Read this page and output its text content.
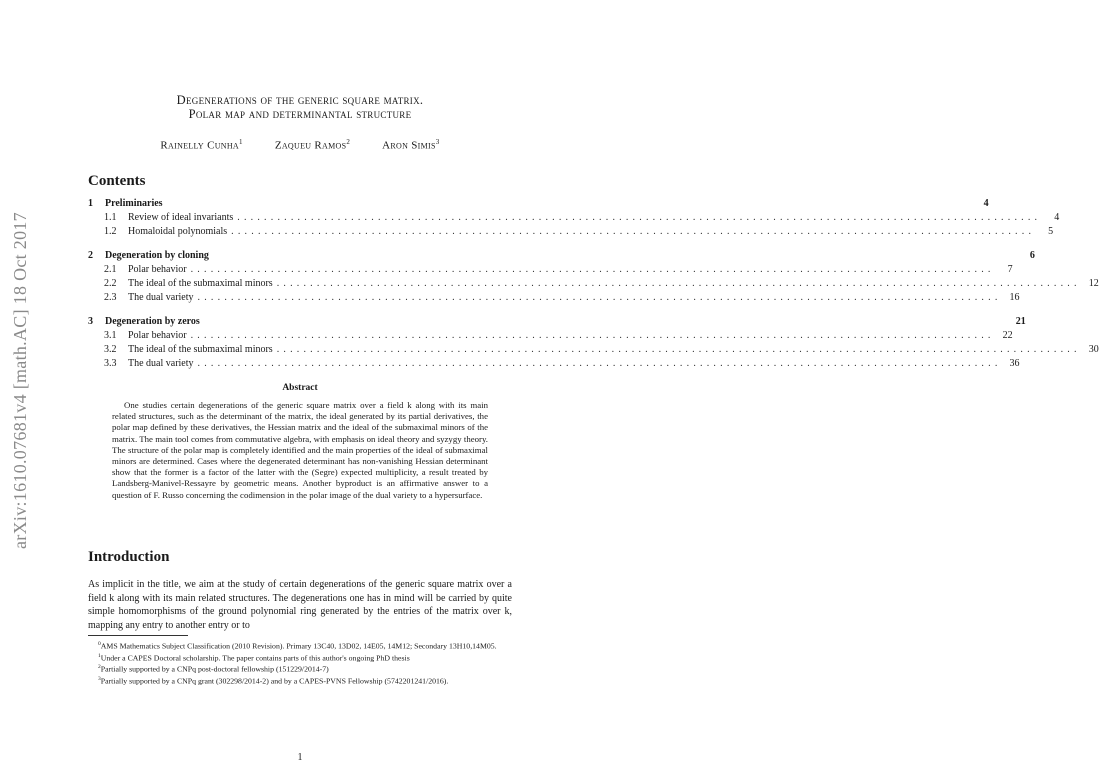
arXiv:1610.07681v4 [math.AC] 18 Oct 2017
Degenerations of the generic square matrix.
Polar map and determinantal structure
Rainelly Cunha$^1$	Zaqueu Ramos$^2$	Aron Simis$^3$
Contents
1	Preliminaries	4
1.1	Review of ideal invariants ........................................................................................................................	4
1.2	Homaloidal polynomials ........................................................................................................................	5
2	Degeneration by cloning	6
2.1	Polar behavior ........................................................................................................................	7
2.2	The ideal of the submaximal minors ........................................................................................................................ 12
2.3	The dual variety ........................................................................................................................ 16
3	Degeneration by zeros	21
3.1	Polar behavior ........................................................................................................................ 22
3.2	The ideal of the submaximal minors ........................................................................................................................ 30
3.3	The dual variety ........................................................................................................................ 36
Abstract
One studies certain degenerations of the generic square matrix over a field k along with its main related structures, such as the determinant of the matrix, the ideal generated by its partial derivatives, the polar map defined by these derivatives, the Hessian matrix and the ideal of the submaximal minors of the matrix. The main tool comes from commutative algebra, with emphasis on ideal theory and syzygy theory. The structure of the polar map is completely identified and the main properties of the ideal of submaximal minors are determined. Cases where the degenerated determinant has non-vanishing Hessian determinant show that the former is a factor of the latter with the (Segre) expected multiplicity, a result treated by Landsberg-Manivel-Ressayre by geometric means. Another byproduct is an affirmative answer to a question of F. Russo concerning the codimension in the polar image of the dual variety to a hypersurface.
Introduction
As implicit in the title, we aim at the study of certain degenerations of the generic square matrix over a field k along with its main related structures. The degenerations one has in mind will be carried by quite simple homomorphisms of the ground polynomial ring generated by the entries of the matrix over k, mapping any entry to another entry or to

$^0$AMS Mathematics Subject Classification (2010 Revision). Primary 13C40, 13D02, 14E05, 14M12; Secondary 13H10,14M05.

$^1$Under a CAPES Doctoral scholarship. The paper contains parts of this author's ongoing PhD thesis

$^2$Partially supported by a CNPq post-doctoral fellowship (151229/2014-7)

$^3$Partially supported by a CNPq grant (302298/2014-2) and by a CAPES-PVNS Fellowship (5742201241/2016).

1
